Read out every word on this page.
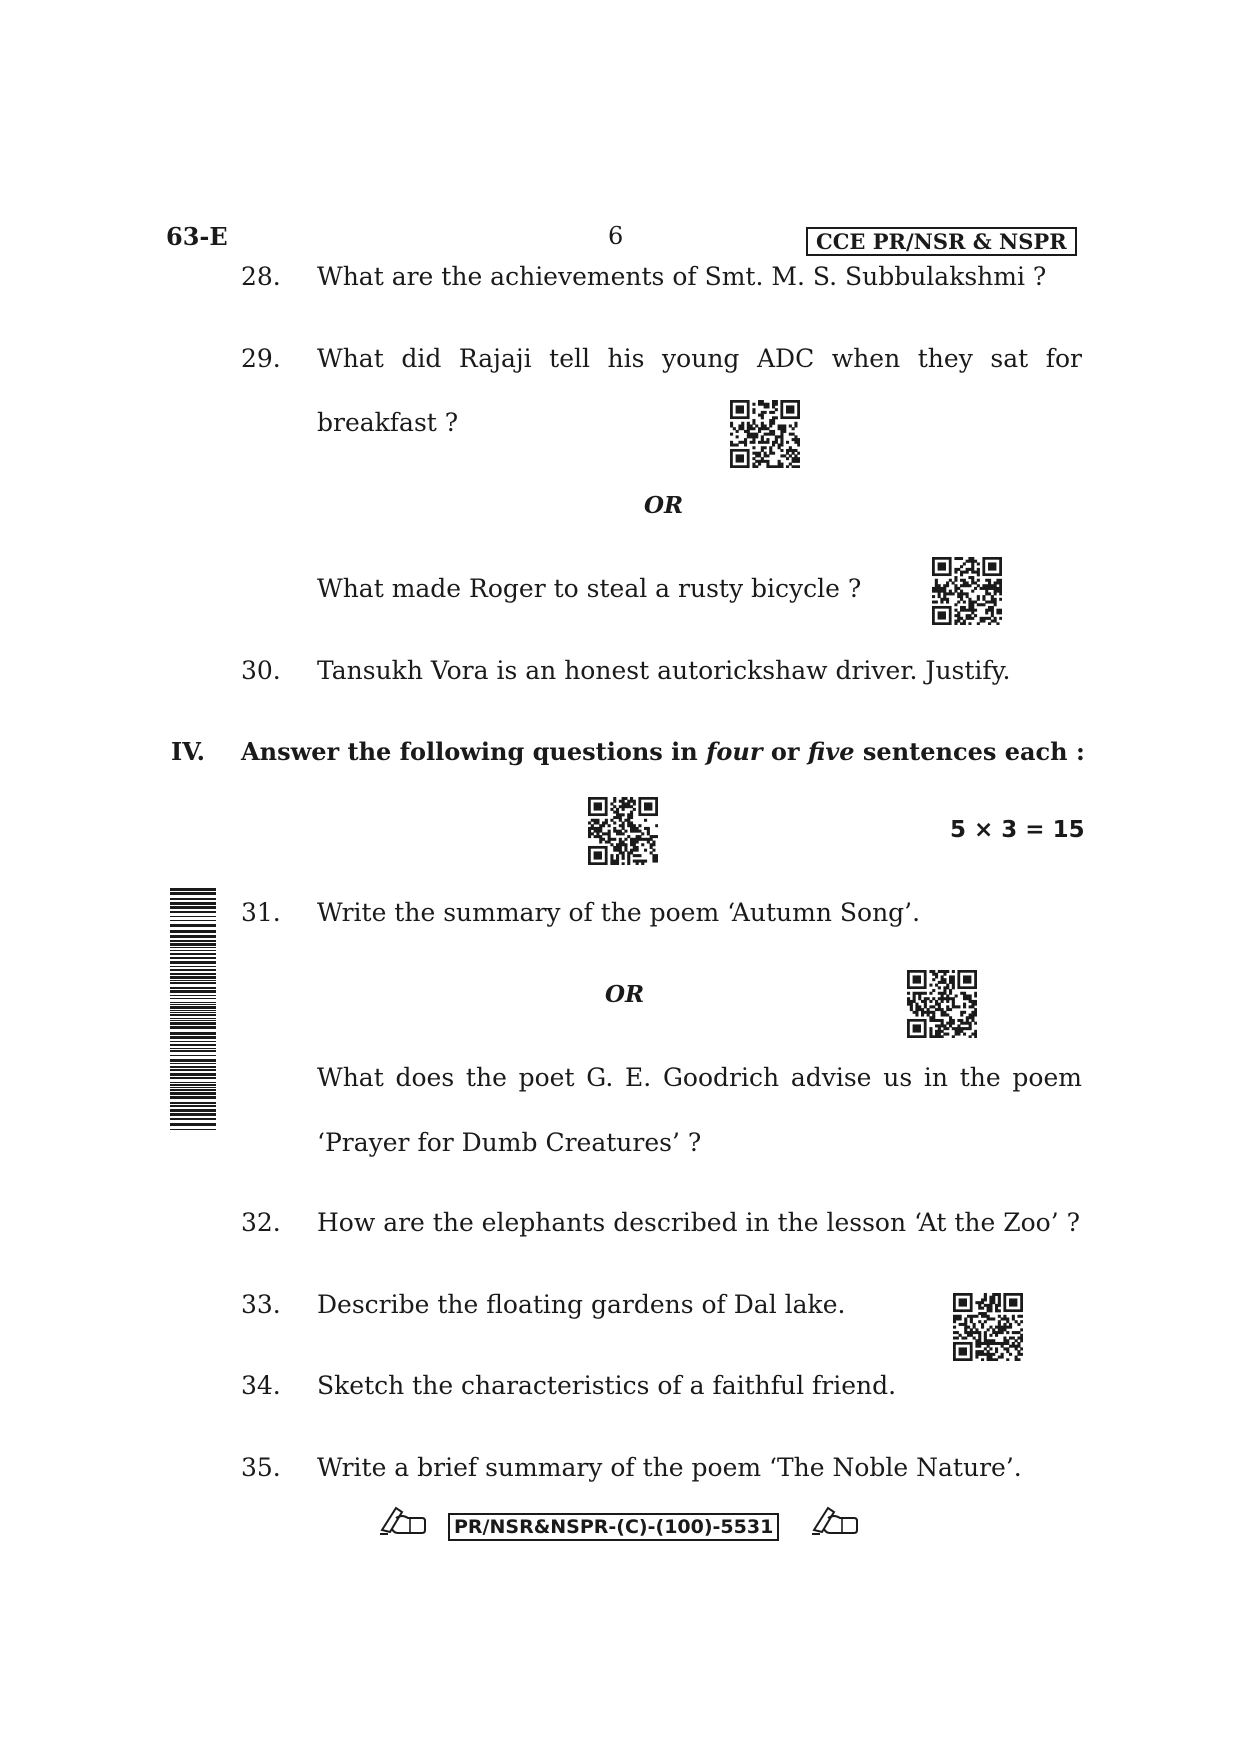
63-E	6	CCE PR/NSR & NSPR
28. What are the achievements of Smt. M. S. Subbulakshmi ?
29. What did Rajaji tell his young ADC when they sat for
breakfast ?
OR
What made Roger to steal a rusty bicycle ?
30. Tansukh Vora is an honest autorickshaw driver. Justify.
IV. Answer the following questions in four or five sentences each :
5 × 3 = 15
31. Write the summary of the poem ‘Autumn Song’.
OR
What does the poet G. E. Goodrich advise us in the poem
‘Prayer for Dumb Creatures’ ?
32. How are the elephants described in the lesson ‘At the Zoo’ ?
33. Describe the floating gardens of Dal lake.
34. Sketch the characteristics of a faithful friend.
35. Write a brief summary of the poem ‘The Noble Nature’.
PR/NSR&NSPR-(C)-(100)-5531
